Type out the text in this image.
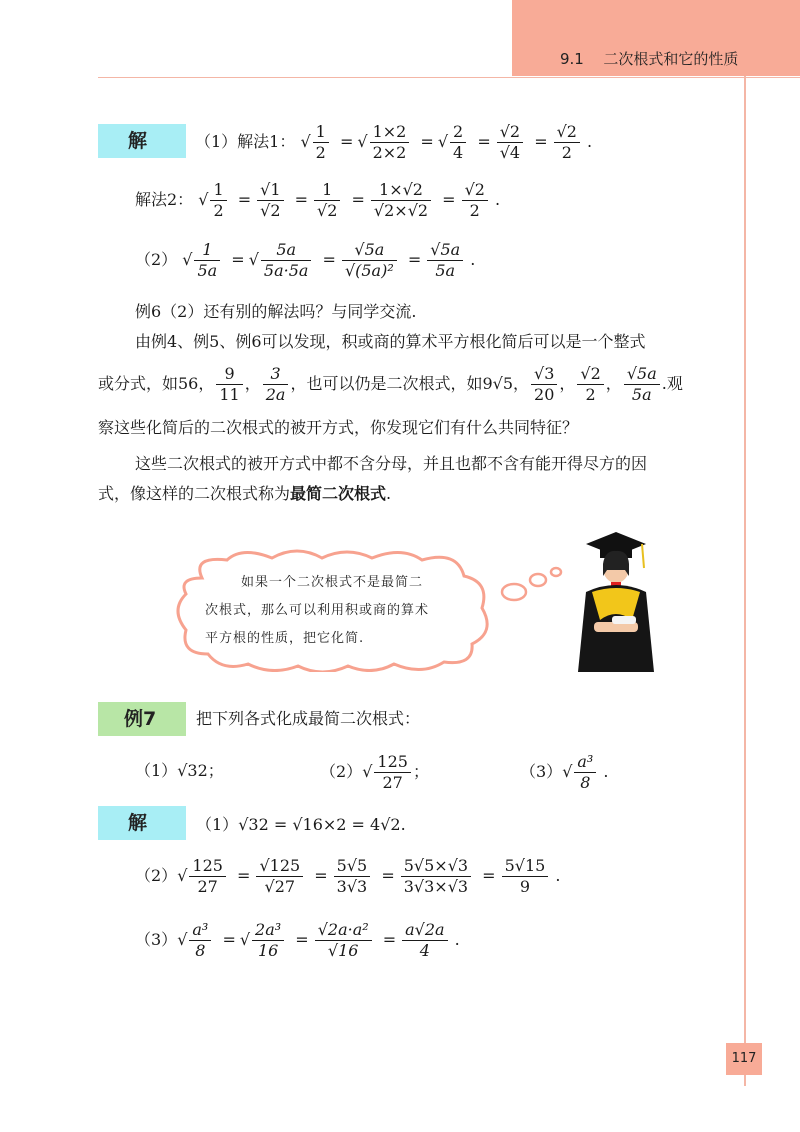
9.1 二次根式和它的性质
解	（1）解法1： √ $\frac{1}{2}$ = √ $\frac{1\times 2}{2\times 2}$ = √ $\frac{2}{4} = \frac{√2}{√4} = \frac{√2}{2}$ .
解法2： √ $\frac{1}{2} = \frac{√1}{√2} = \frac{1}{√2} = \frac{1\times√2}{√2\times√2} = \frac{√2}{2}$ .
（2） √ $\frac{1}{5a}$ = √ $\frac{5a}{5a\cdot 5a} = \frac{√5a}{\text{√(5a)²}} = \frac{√5a}{5a}$ .
例6（2）还有别的解法吗？与同学交流.
由例4、例5、例6可以发现，积或商的算术平方根化简后可以是一个整式
或分式，如56， $\frac{9}{11}$ ， $\frac{3}{2a}$ ，也可以仍是二次根式，如9√5， $\frac{√3}{20}$ ， $\frac{√2}{2}$ ， $\frac{√5a}{5a}$ .观
察这些化简后的二次根式的被开方式，你发现它们有什么共同特征？
这些二次根式的被开方式中都不含分母，并且也都不含有能开得尽方的因
式，像这样的二次根式称为最简二次根式.
如果一个二次根式不是最简二
次根式，那么可以利用积或商的算术
平方根的性质，把它化简.
例7	把下列各式化成最简二次根式：
（1）√32；	$(2)√ \frac{125}{27}$ ；	$(3)√ \frac{\text{a³}}{8}$ .
解	（1）√32 = √16×2 = 4√2.
$(2)√ \frac{125}{27} = \frac{√125}{√27} = \frac{5√5}{3√3} = \frac{5√5\times√3}{3√3\times√3} = \frac{5√15}{9}$ .
$(3)√ \frac{\text{a³}}{8}$ = √ $\frac{\text{2a³}}{16} = \frac{\text{√2a·a²}}{√16} = \frac{a√2a}{4}$ .
117
